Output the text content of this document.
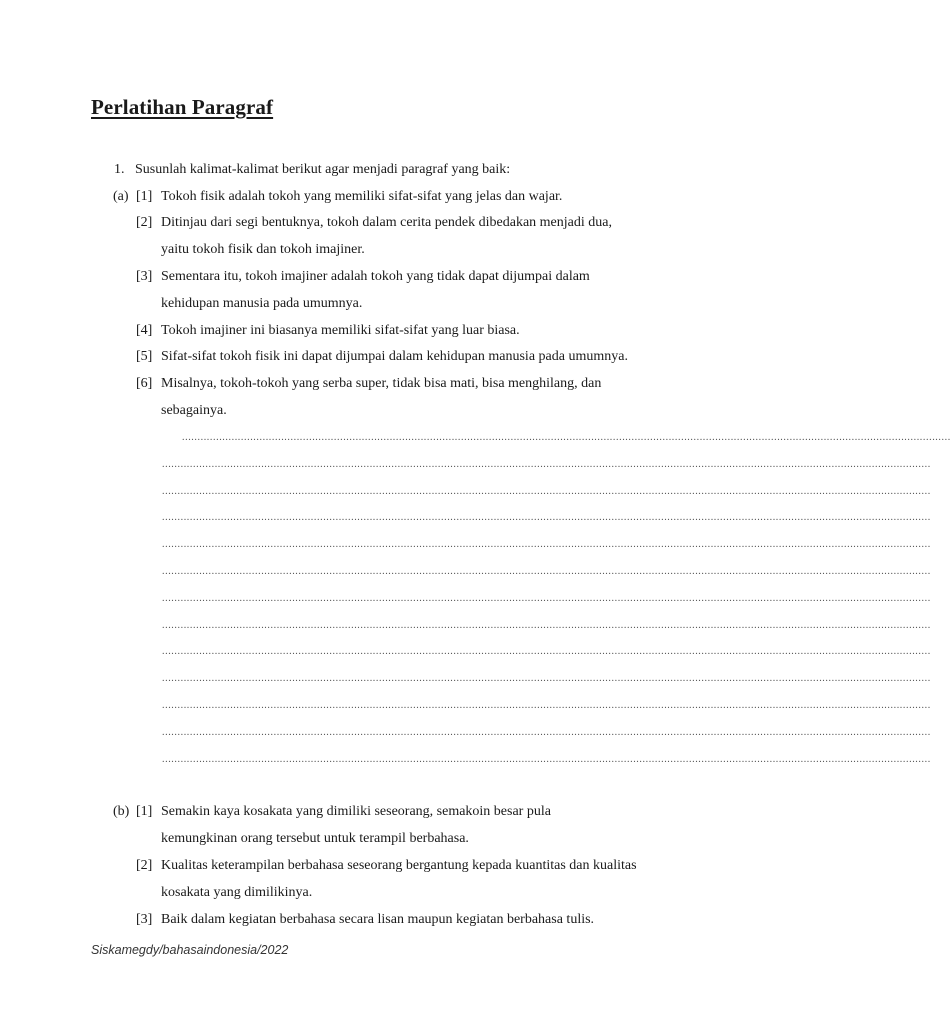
Perlatihan Paragraf
1. Susunlah kalimat-kalimat berikut agar menjadi paragraf yang baik:
(a) [1] Tokoh fisik adalah tokoh yang memiliki sifat-sifat yang jelas dan wajar.
[2] Ditinjau dari segi bentuknya, tokoh dalam cerita pendek dibedakan menjadi dua,
yaitu tokoh fisik dan tokoh imajiner.
[3] Sementara itu, tokoh imajiner adalah tokoh yang tidak dapat dijumpai dalam
kehidupan manusia pada umumnya.
[4] Tokoh imajiner ini biasanya memiliki sifat-sifat yang luar biasa.
[5] Sifat-sifat tokoh fisik ini dapat dijumpai dalam kehidupan manusia pada umumnya.
[6] Misalnya, tokoh-tokoh yang serba super, tidak bisa mati, bisa menghilang, dan
sebagainya.
........................................................................................................................................................................................................................................................
........................................................................................................................................................................................................................................................
........................................................................................................................................................................................................................................................
........................................................................................................................................................................................................................................................
........................................................................................................................................................................................................................................................
........................................................................................................................................................................................................................................................
........................................................................................................................................................................................................................................................
........................................................................................................................................................................................................................................................
........................................................................................................................................................................................................................................................
........................................................................................................................................................................................................................................................
........................................................................................................................................................................................................................................................
........................................................................................................................................................................................................................................................
........................................................................................................................................................................................................................................................
(b) [1] Semakin kaya kosakata yang dimiliki seseorang, semakoin besar pula
kemungkinan orang tersebut untuk terampil berbahasa.
[2] Kualitas keterampilan berbahasa seseorang bergantung kepada kuantitas dan kualitas
kosakata yang dimilikinya.
[3] Baik dalam kegiatan berbahasa secara lisan maupun kegiatan berbahasa tulis.
Siskamegdy/bahasaindonesia/2022
